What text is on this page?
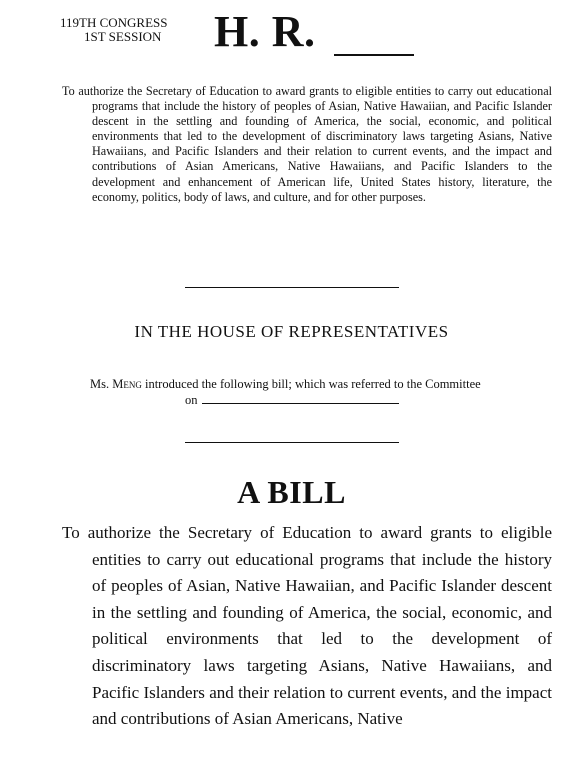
119TH CONGRESS
1ST SESSION H. R.
To authorize the Secretary of Education to award grants to eligible entities to carry out educational programs that include the history of peoples of Asian, Native Hawaiian, and Pacific Islander descent in the settling and founding of America, the social, economic, and political environments that led to the development of discriminatory laws targeting Asians, Native Hawaiians, and Pacific Islanders and their relation to current events, and the impact and contributions of Asian Americans, Native Hawaiians, and Pacific Islanders to the development and enhancement of American life, United States history, literature, the economy, politics, body of laws, and culture, and for other purposes.
IN THE HOUSE OF REPRESENTATIVES
Ms. Meng introduced the following bill; which was referred to the Committee
on
A BILL
To authorize the Secretary of Education to award grants to eligible entities to carry out educational programs that include the history of peoples of Asian, Native Hawaiian, and Pacific Islander descent in the settling and founding of America, the social, economic, and political environments that led to the development of discriminatory laws targeting Asians, Native Hawaiians, and Pacific Islanders and their relation to current events, and the impact and contributions of Asian Americans, Native
